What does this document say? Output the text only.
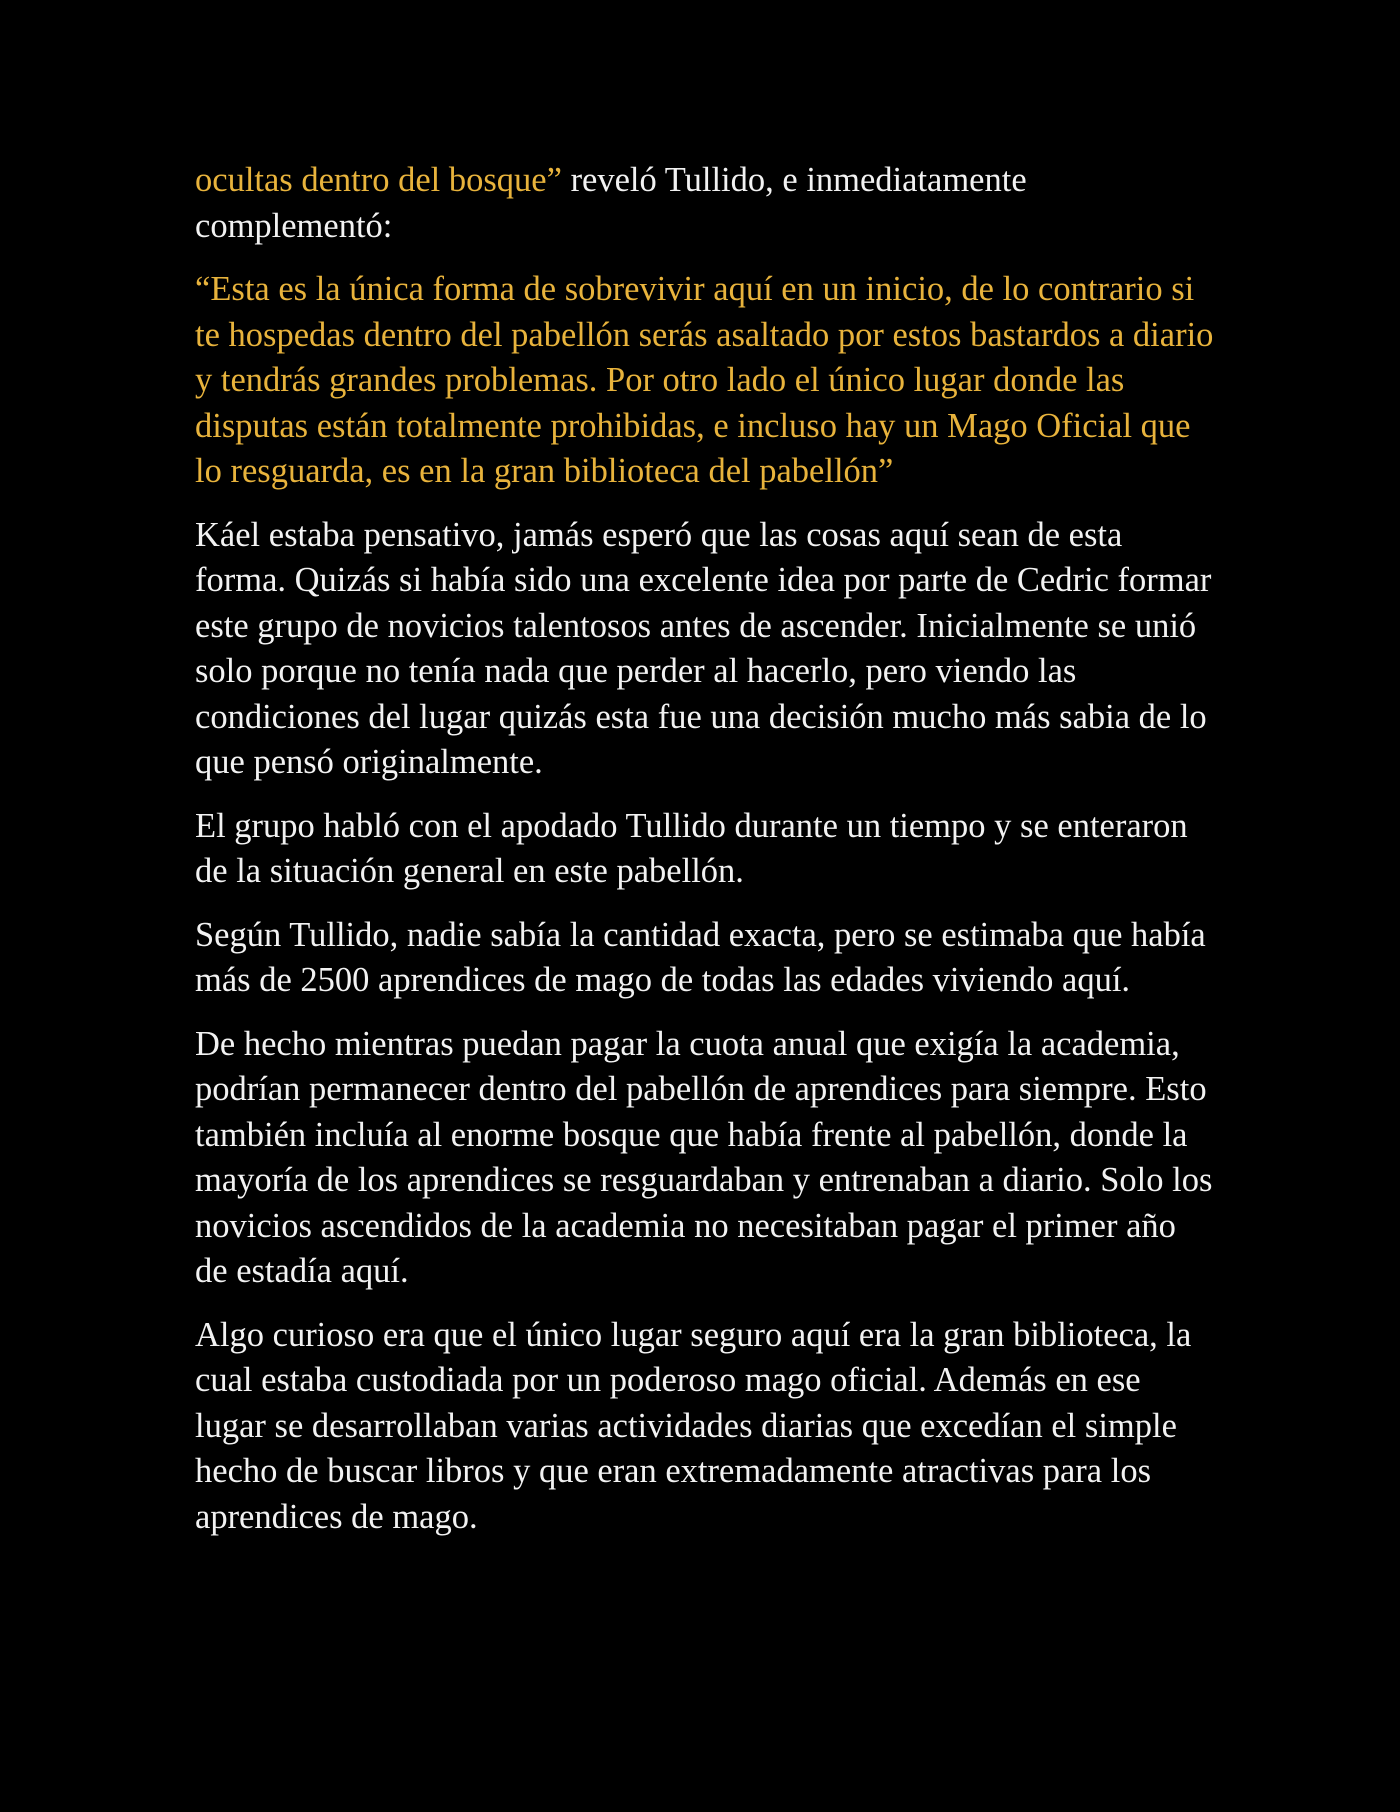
ocultas dentro del bosque” reveló Tullido, e inmediatamente complementó:

“Esta es la única forma de sobrevivir aquí en un inicio, de lo contrario si te hospedas dentro del pabellón serás asaltado por estos bastardos a diario y tendrás grandes problemas. Por otro lado el único lugar donde las disputas están totalmente prohibidas, e incluso hay un Mago Oficial que lo resguarda, es en la gran biblioteca del pabellón”

Káel estaba pensativo, jamás esperó que las cosas aquí sean de esta forma. Quizás si había sido una excelente idea por parte de Cedric formar este grupo de novicios talentosos antes de ascender. Inicialmente se unió solo porque no tenía nada que perder al hacerlo, pero viendo las condiciones del lugar quizás esta fue una decisión mucho más sabia de lo que pensó originalmente.

El grupo habló con el apodado Tullido durante un tiempo y se enteraron de la situación general en este pabellón.

Según Tullido, nadie sabía la cantidad exacta, pero se estimaba que había más de 2500 aprendices de mago de todas las edades viviendo aquí.

De hecho mientras puedan pagar la cuota anual que exigía la academia, podrían permanecer dentro del pabellón de aprendices para siempre. Esto también incluía al enorme bosque que había frente al pabellón, donde la mayoría de los aprendices se resguardaban y entrenaban a diario. Solo los novicios ascendidos de la academia no necesitaban pagar el primer año de estadía aquí.

Algo curioso era que el único lugar seguro aquí era la gran biblioteca, la cual estaba custodiada por un poderoso mago oficial. Además en ese lugar se desarrollaban varias actividades diarias que excedían el simple hecho de buscar libros y que eran extremadamente atractivas para los aprendices de mago.
